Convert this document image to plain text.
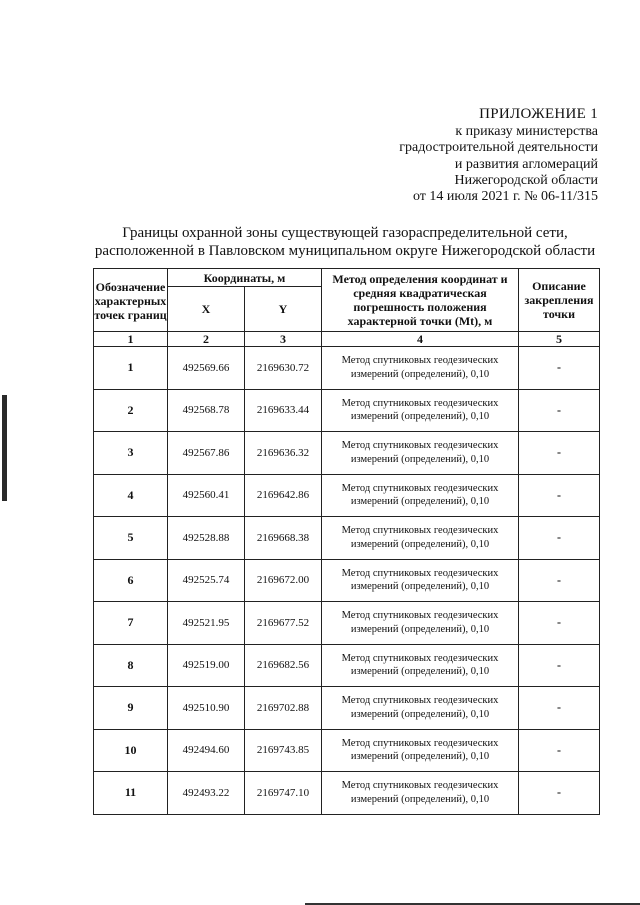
ПРИЛОЖЕНИЕ 1
к приказу министерства
градостроительной деятельности
и развития агломераций
Нижегородской области
от 14 июля 2021 г. № 06-11/315
Границы охранной зоны существующей газораспределительной сети,
расположенной в Павловском муниципальном округе Нижегородской области
Обозначение характерных точек границ	Координаты, м		Метод определения координат и средняя квадратическая погрешность положения характерной точки (Mt), м	Описание закрепления точки
	X	Y		
1	2	3	4	5
1	492569.66	2169630.72	Метод спутниковых геодезических измерений (определений), 0,10	-
2	492568.78	2169633.44	Метод спутниковых геодезических измерений (определений), 0,10	-
3	492567.86	2169636.32	Метод спутниковых геодезических измерений (определений), 0,10	-
4	492560.41	2169642.86	Метод спутниковых геодезических измерений (определений), 0,10	-
5	492528.88	2169668.38	Метод спутниковых геодезических измерений (определений), 0,10	-
6	492525.74	2169672.00	Метод спутниковых геодезических измерений (определений), 0,10	-
7	492521.95	2169677.52	Метод спутниковых геодезических измерений (определений), 0,10	-
8	492519.00	2169682.56	Метод спутниковых геодезических измерений (определений), 0,10	-
9	492510.90	2169702.88	Метод спутниковых геодезических измерений (определений), 0,10	-
10	492494.60	2169743.85	Метод спутниковых геодезических измерений (определений), 0,10	-
11	492493.22	2169747.10	Метод спутниковых геодезических измерений (определений), 0,10	-
